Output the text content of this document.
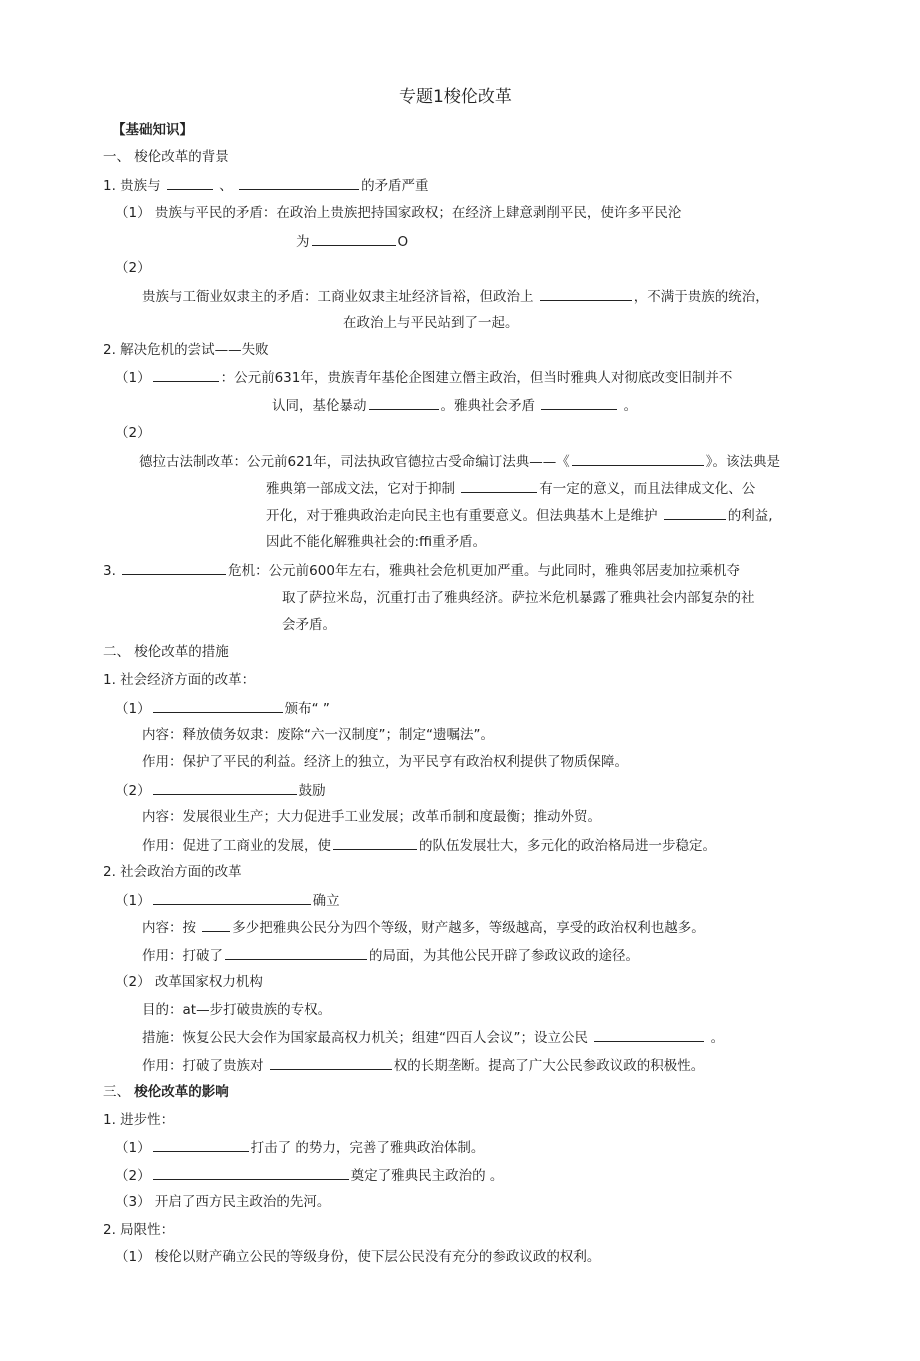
专题1梭伦改革

【基础知识】

一、 梭伦改革的背景

1. 贵族与	、	的矛盾严重

（1） 贵族与平民的矛盾：在政治上贵族把持国家政权；在经济上肆意剥削平民，使许多平民沦

为	O

（2）

贵族与工衙业奴隶主的矛盾：工商业奴隶主址经济旨裕，但政治上	，不满于贵族的统治，

在政治上与平民站到了一起。

2. 解决危机的尝试——失败

（1）	：公元前631年，贵族青年基伦企图建立僭主政治，但当时雅典人对彻底改变旧制并不

认同，基伦暴动	。雅典社会矛盾	。

（2）

德拉古法制改革：公元前621年，司法执政官德拉古受命编订法典——《	》。该法典是

雅典第一部成文法，它对于抑制	有一定的意义，而且法律成文化、公

开化，对于雅典政治走向民主也有重要意义。但法典基木上是维护	的利益,

因此不能化解雅典社会的:ffi重矛盾。

3.	危机：公元前600年左右，雅典社会危机更加严重。与此同时，雅典邻居麦加拉乘机夺

取了萨拉米岛，沉重打击了雅典经济。萨拉米危机暴露了雅典社会内部复杂的社

会矛盾。

二、 梭伦改革的措施

1. 社会经济方面的改革：

（1）	颁布“ ”

内容：释放债务奴隶：废除“六一汉制度”；制定“遗嘱法”。

作用：保护了平民的利益。经济上的独立，为平民亨有政治权利提供了物质保障。

（2）	鼓励

内容：发展很业生产；大力促进手工业发展；改革币制和度最衡；推动外贸。

作用：促进了工商业的发展，使	的队伍发展壮大，多元化的政治格局进一步稳定。

2. 社会政治方面的改革

（1）	确立

内容：按 多少把雅典公民分为四个等级，财产越多，等级越高，享受的政治权利也越多。

作用：打破了	的局面，为其他公民开辟了参政议政的途径。

（2） 改革国家权力机构

目的：at—步打破贵族的专权。

措施：恢复公民大会作为国家最高权力机关；组建“四百人会议”；设立公民	。

作用：打破了贵族对	权的长期垄断。提高了广大公民参政议政的积极性。

三、 梭伦改革的影响

1. 进步性：

（1）	打击了 的势力，完善了雅典政治体制。

（2）	奠定了雅典民主政治的 。

（3） 开启了西方民主政治的先河。

2. 局限性：

（1） 梭伦以财产确立公民的等级身份，使下层公民没有充分的参政议政的权利。
